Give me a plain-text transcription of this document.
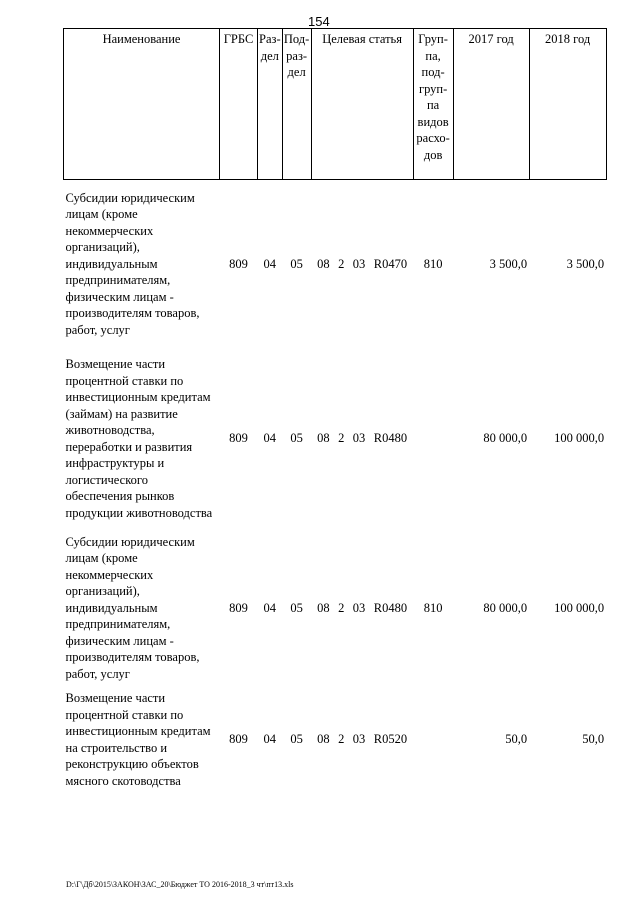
154
Наименование	ГРБС	Раз-дел	Под-раз-дел	Целевая статья	Груп-па, под-груп-па видов расхо-дов	2017 год	2018 год
Субсидии юридическим лицам (кроме некоммерческих организаций), индивидуальным предпринимателям, физическим лицам - производителям товаров, работ, услуг	809	04	05	08 2 03 R0470	810	3 500,0	3 500,0
Возмещение части процентной ставки по инвестиционным кредитам (займам) на развитие животноводства, переработки и развития инфраструктуры и логистического обеспечения рынков продукции животноводства	809	04	05	08 2 03 R0480		80 000,0	100 000,0
Субсидии юридическим лицам (кроме некоммерческих организаций), индивидуальным предпринимателям, физическим лицам - производителям товаров, работ, услуг	809	04	05	08 2 03 R0480	810	80 000,0	100 000,0
Возмещение части процентной ставки по инвестиционным кредитам на строительство и реконструкцию объектов мясного скотоводства	809	04	05	08 2 03 R0520		50,0	50,0
D:\Г\Дб\2015\ЗАКОН\ЗАС_20\Бюджет ТО 2016-2018_3 чт\пт13.xls
